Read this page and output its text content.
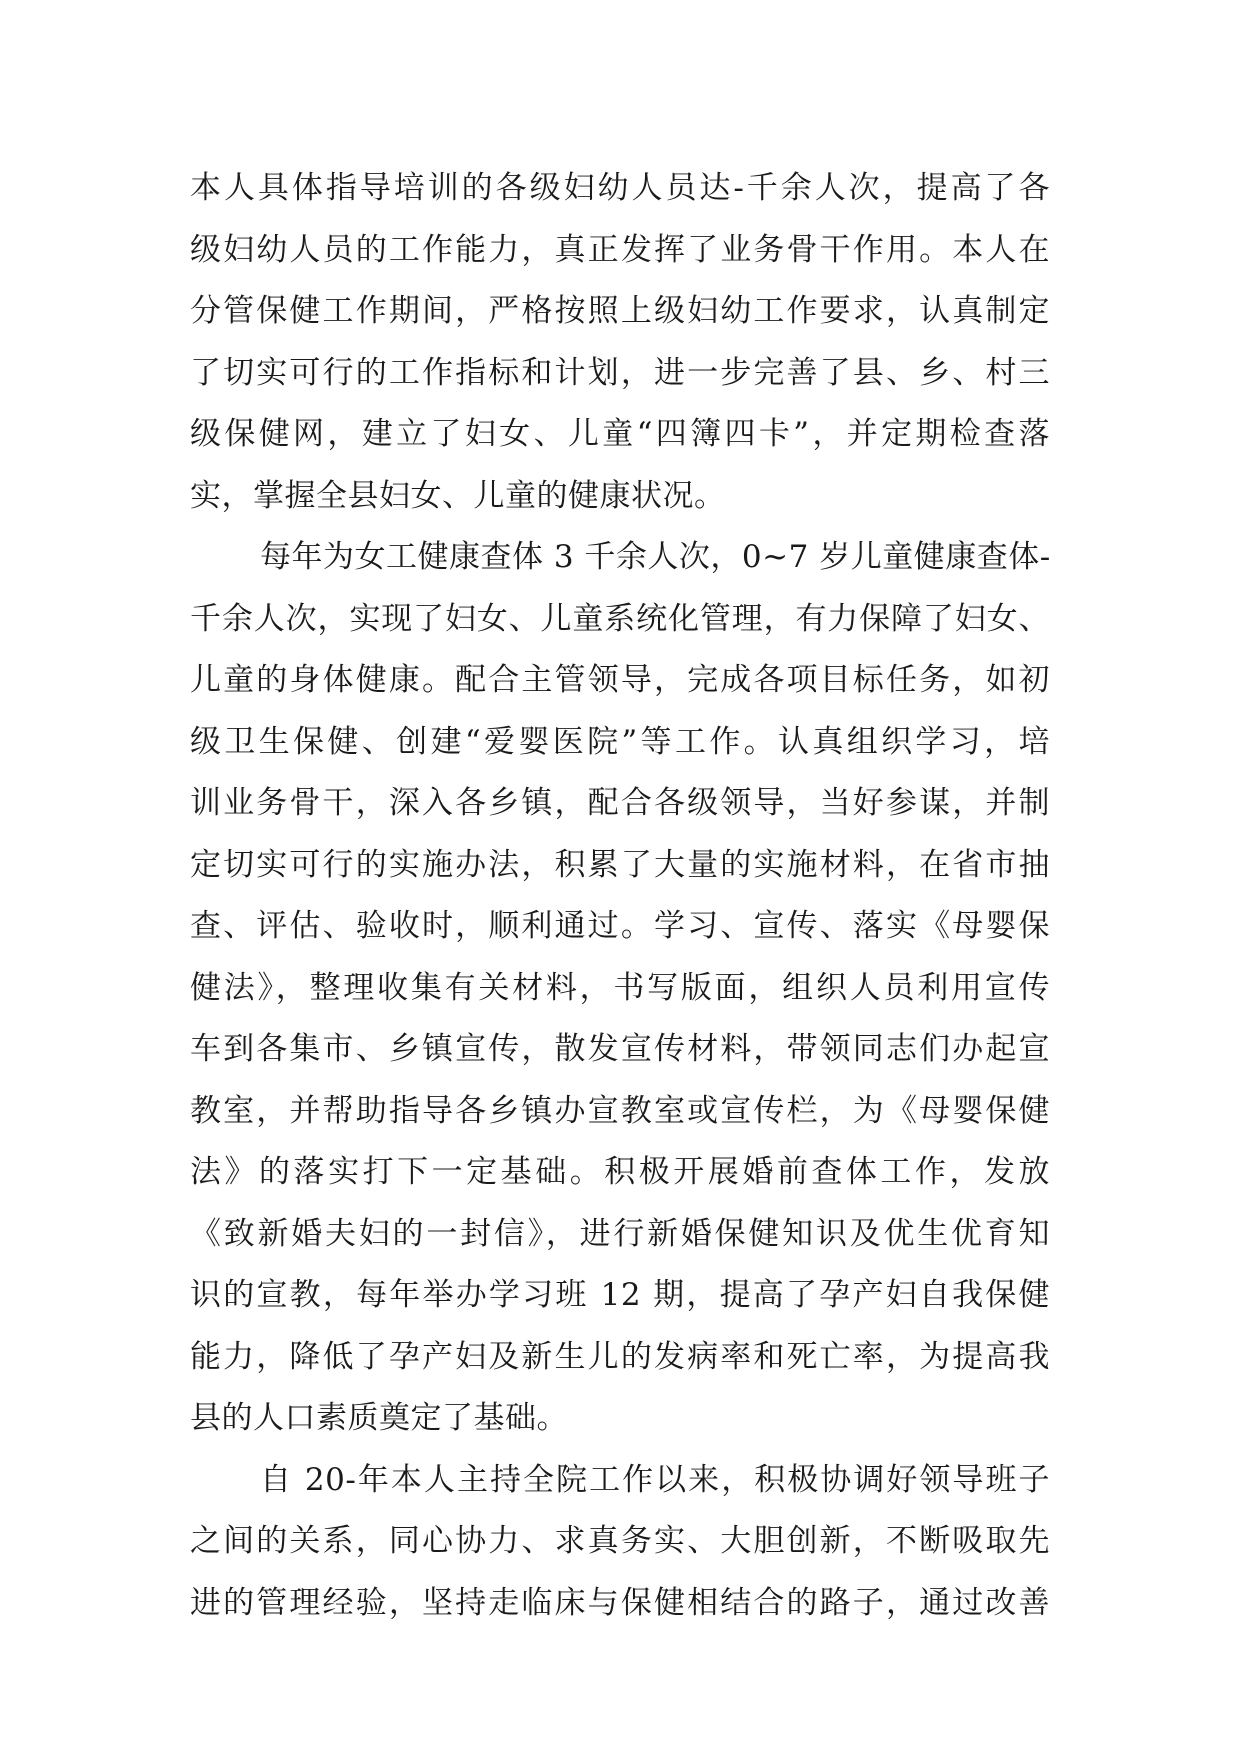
本人具体指导培训的各级妇幼人员达-千余人次，提高了各
级妇幼人员的工作能力，真正发挥了业务骨干作用。本人在
分管保健工作期间，严格按照上级妇幼工作要求，认真制定
了切实可行的工作指标和计划，进一步完善了县、乡、村三
级保健网，建立了妇女、儿童“四簿四卡”，并定期检查落
实，掌握全县妇女、儿童的健康状况。
每年为女工健康查体 3 千余人次，0~7 岁儿童健康查体-
千余人次，实现了妇女、儿童系统化管理，有力保障了妇女、
儿童的身体健康。配合主管领导，完成各项目标任务，如初
级卫生保健、创建“爱婴医院”等工作。认真组织学习，培
训业务骨干，深入各乡镇，配合各级领导，当好参谋，并制
定切实可行的实施办法，积累了大量的实施材料，在省市抽
查、评估、验收时，顺利通过。学习、宣传、落实《母婴保
健法》，整理收集有关材料，书写版面，组织人员利用宣传
车到各集市、乡镇宣传，散发宣传材料，带领同志们办起宣
教室，并帮助指导各乡镇办宣教室或宣传栏，为《母婴保健
法》的落实打下一定基础。积极开展婚前查体工作，发放
《致新婚夫妇的一封信》，进行新婚保健知识及优生优育知
识的宣教，每年举办学习班 12 期，提高了孕产妇自我保健
能力，降低了孕产妇及新生儿的发病率和死亡率，为提高我
县的人口素质奠定了基础。
自 20-年本人主持全院工作以来，积极协调好领导班子
之间的关系，同心协力、求真务实、大胆创新，不断吸取先
进的管理经验，坚持走临床与保健相结合的路子，通过改善
